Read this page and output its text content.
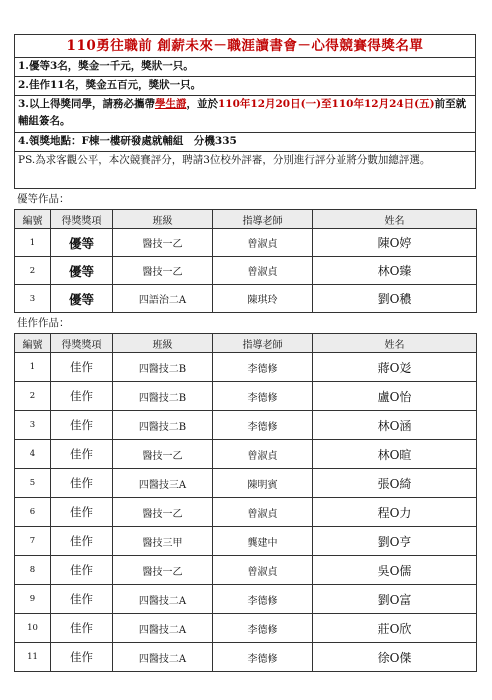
110勇往職前 創薪未來－職涯讀書會－心得競賽得獎名單
1.優等3名，獎金一千元，獎狀一只。
2.佳作11名，獎金五百元，獎狀一只。
3.以上得獎同學，請務必攜帶學生證，並於110年12月20日(一)至110年12月24日(五)前至就輔組簽名。
4.領獎地點：F棟一樓研發處就輔組　分機335
PS.為求客觀公平，本次競賽評分，聘請3位校外評審，分別進行評分並將分數加總評選。
優等作品：
編號	得獎獎項	班級	指導老師	姓名
1	優等	醫技一乙	曾淑貞	陳O婷
2	優等	醫技一乙	曾淑貞	林O臻
3	優等	四語治二A	陳琪玲	劉O穠
佳作作品：
編號	得獎獎項	班級	指導老師	姓名
1	佳作	四醫技二B	李德修	蔣O彣
2	佳作	四醫技二B	李德修	盧O怡
3	佳作	四醫技二B	李德修	林O涵
4	佳作	醫技一乙	曾淑貞	林O暄
5	佳作	四醫技三A	陳明賓	張O綺
6	佳作	醫技一乙	曾淑貞	程O力
7	佳作	醫技三甲	龔建中	劉O亨
8	佳作	醫技一乙	曾淑貞	吳O儒
9	佳作	四醫技二A	李德修	劉O富
10	佳作	四醫技二A	李德修	莊O欣
11	佳作	四醫技二A	李德修	徐O傑
